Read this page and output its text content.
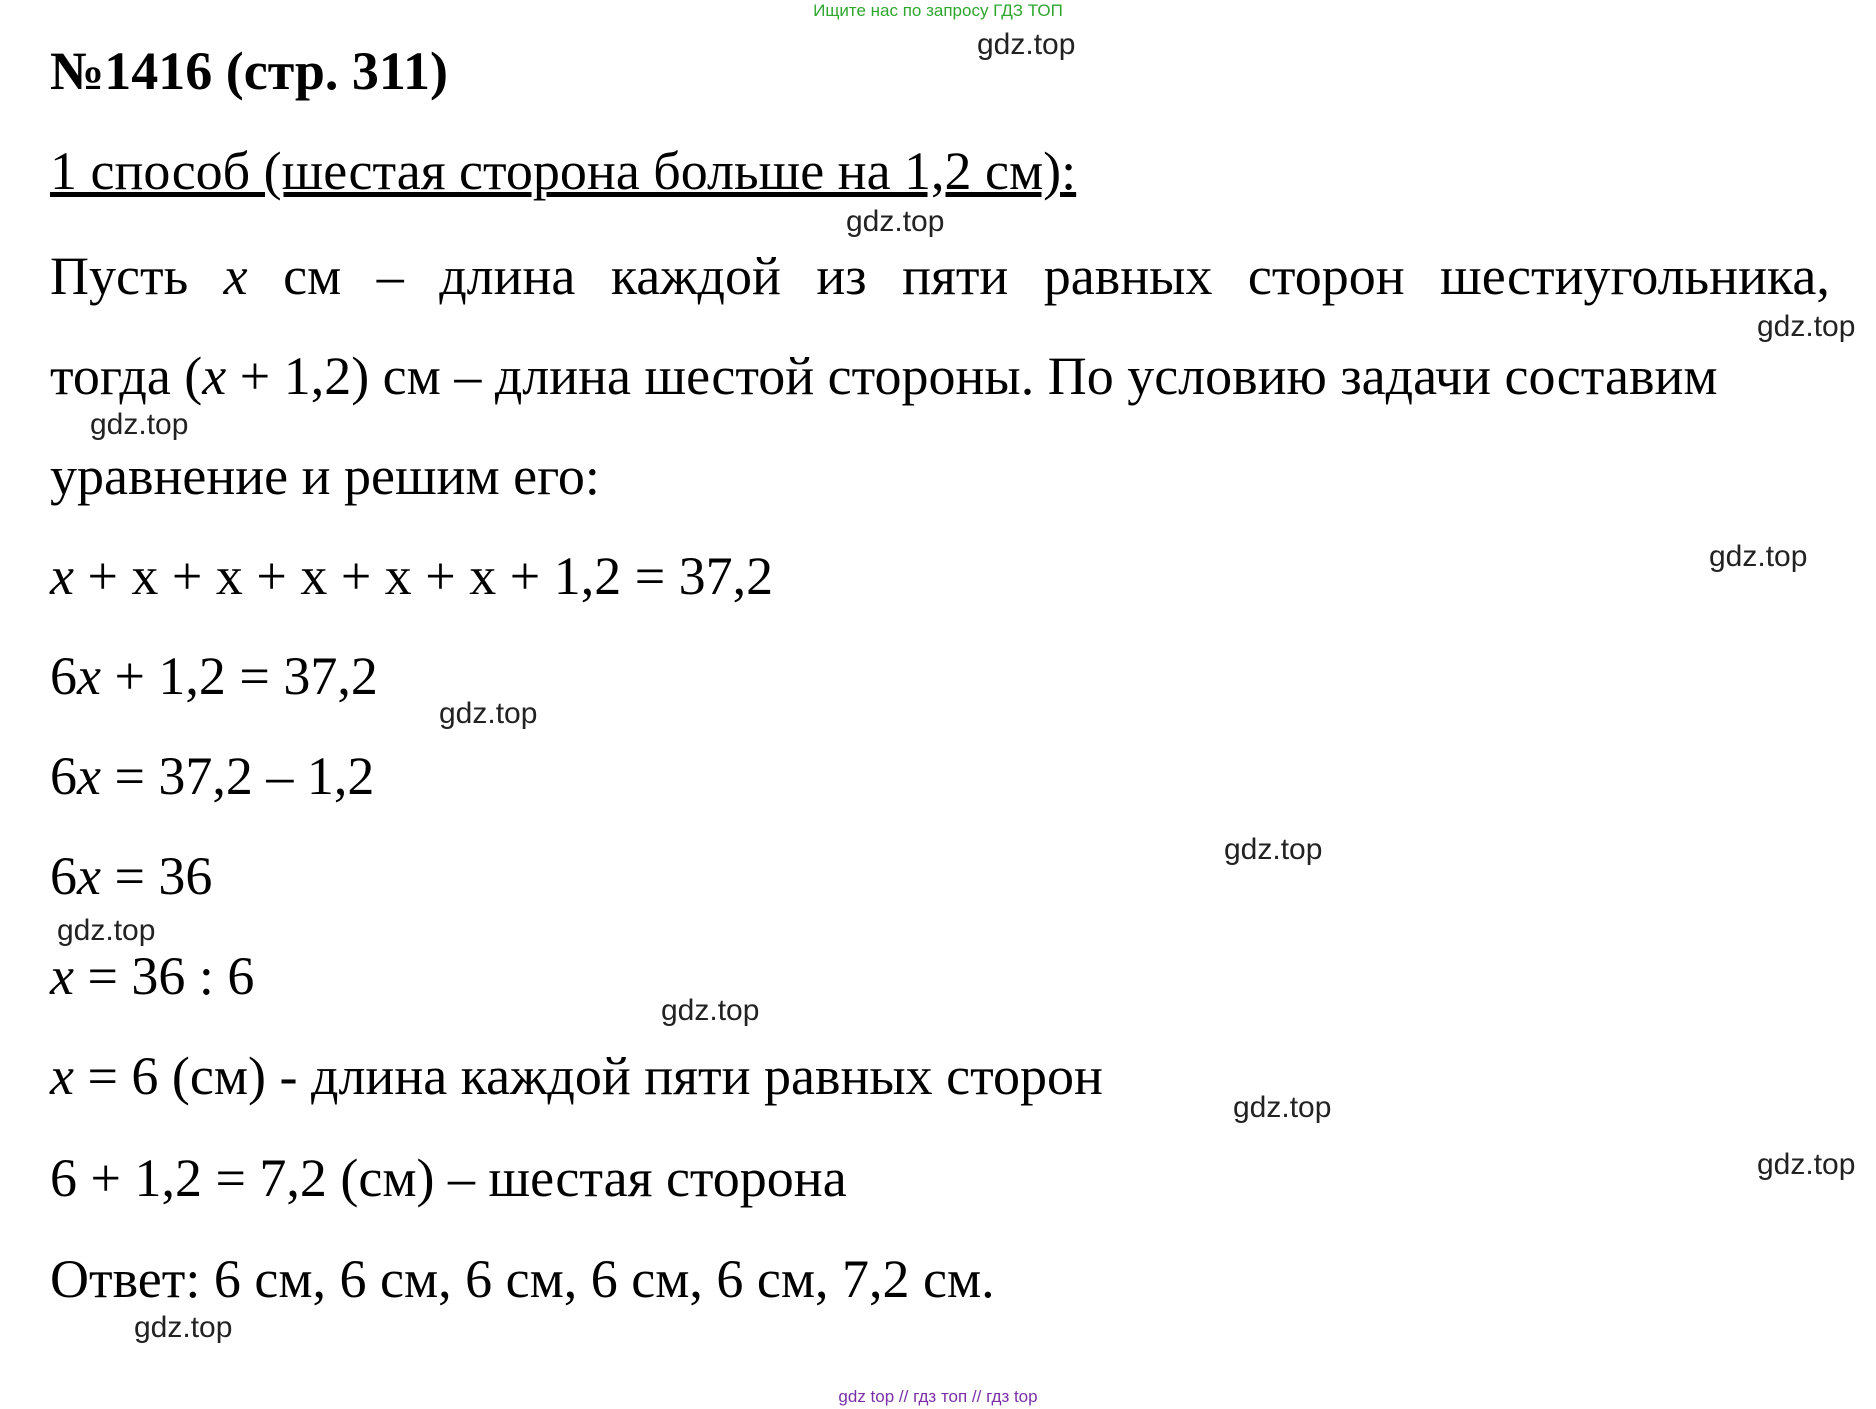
Ищите нас по запросу ГДЗ ТОП
№1416 (стр. 311)
1 способ (шестая сторона больше на 1,2 см):
Пусть x см – длина каждой из пяти равных сторон шестиугольника,
тогда (x + 1,2) см – длина шестой стороны. По условию задачи составим
уравнение и решим его:
x + x + x + x + x + x + 1,2 = 37,2
6x + 1,2 = 37,2
6x = 37,2 – 1,2
6x = 36
x = 36 : 6
x = 6 (см) - длина каждой пяти равных сторон
6 + 1,2 = 7,2 (см) – шестая сторона
Ответ: 6 см, 6 см, 6 см, 6 см, 6 см, 7,2 см.
gdz.top
gdz.top
gdz.top
gdz.top
gdz.top
gdz.top
gdz.top
gdz.top
gdz.top
gdz.top
gdz.top
gdz.top
gdz top // гдз топ // гдз top
